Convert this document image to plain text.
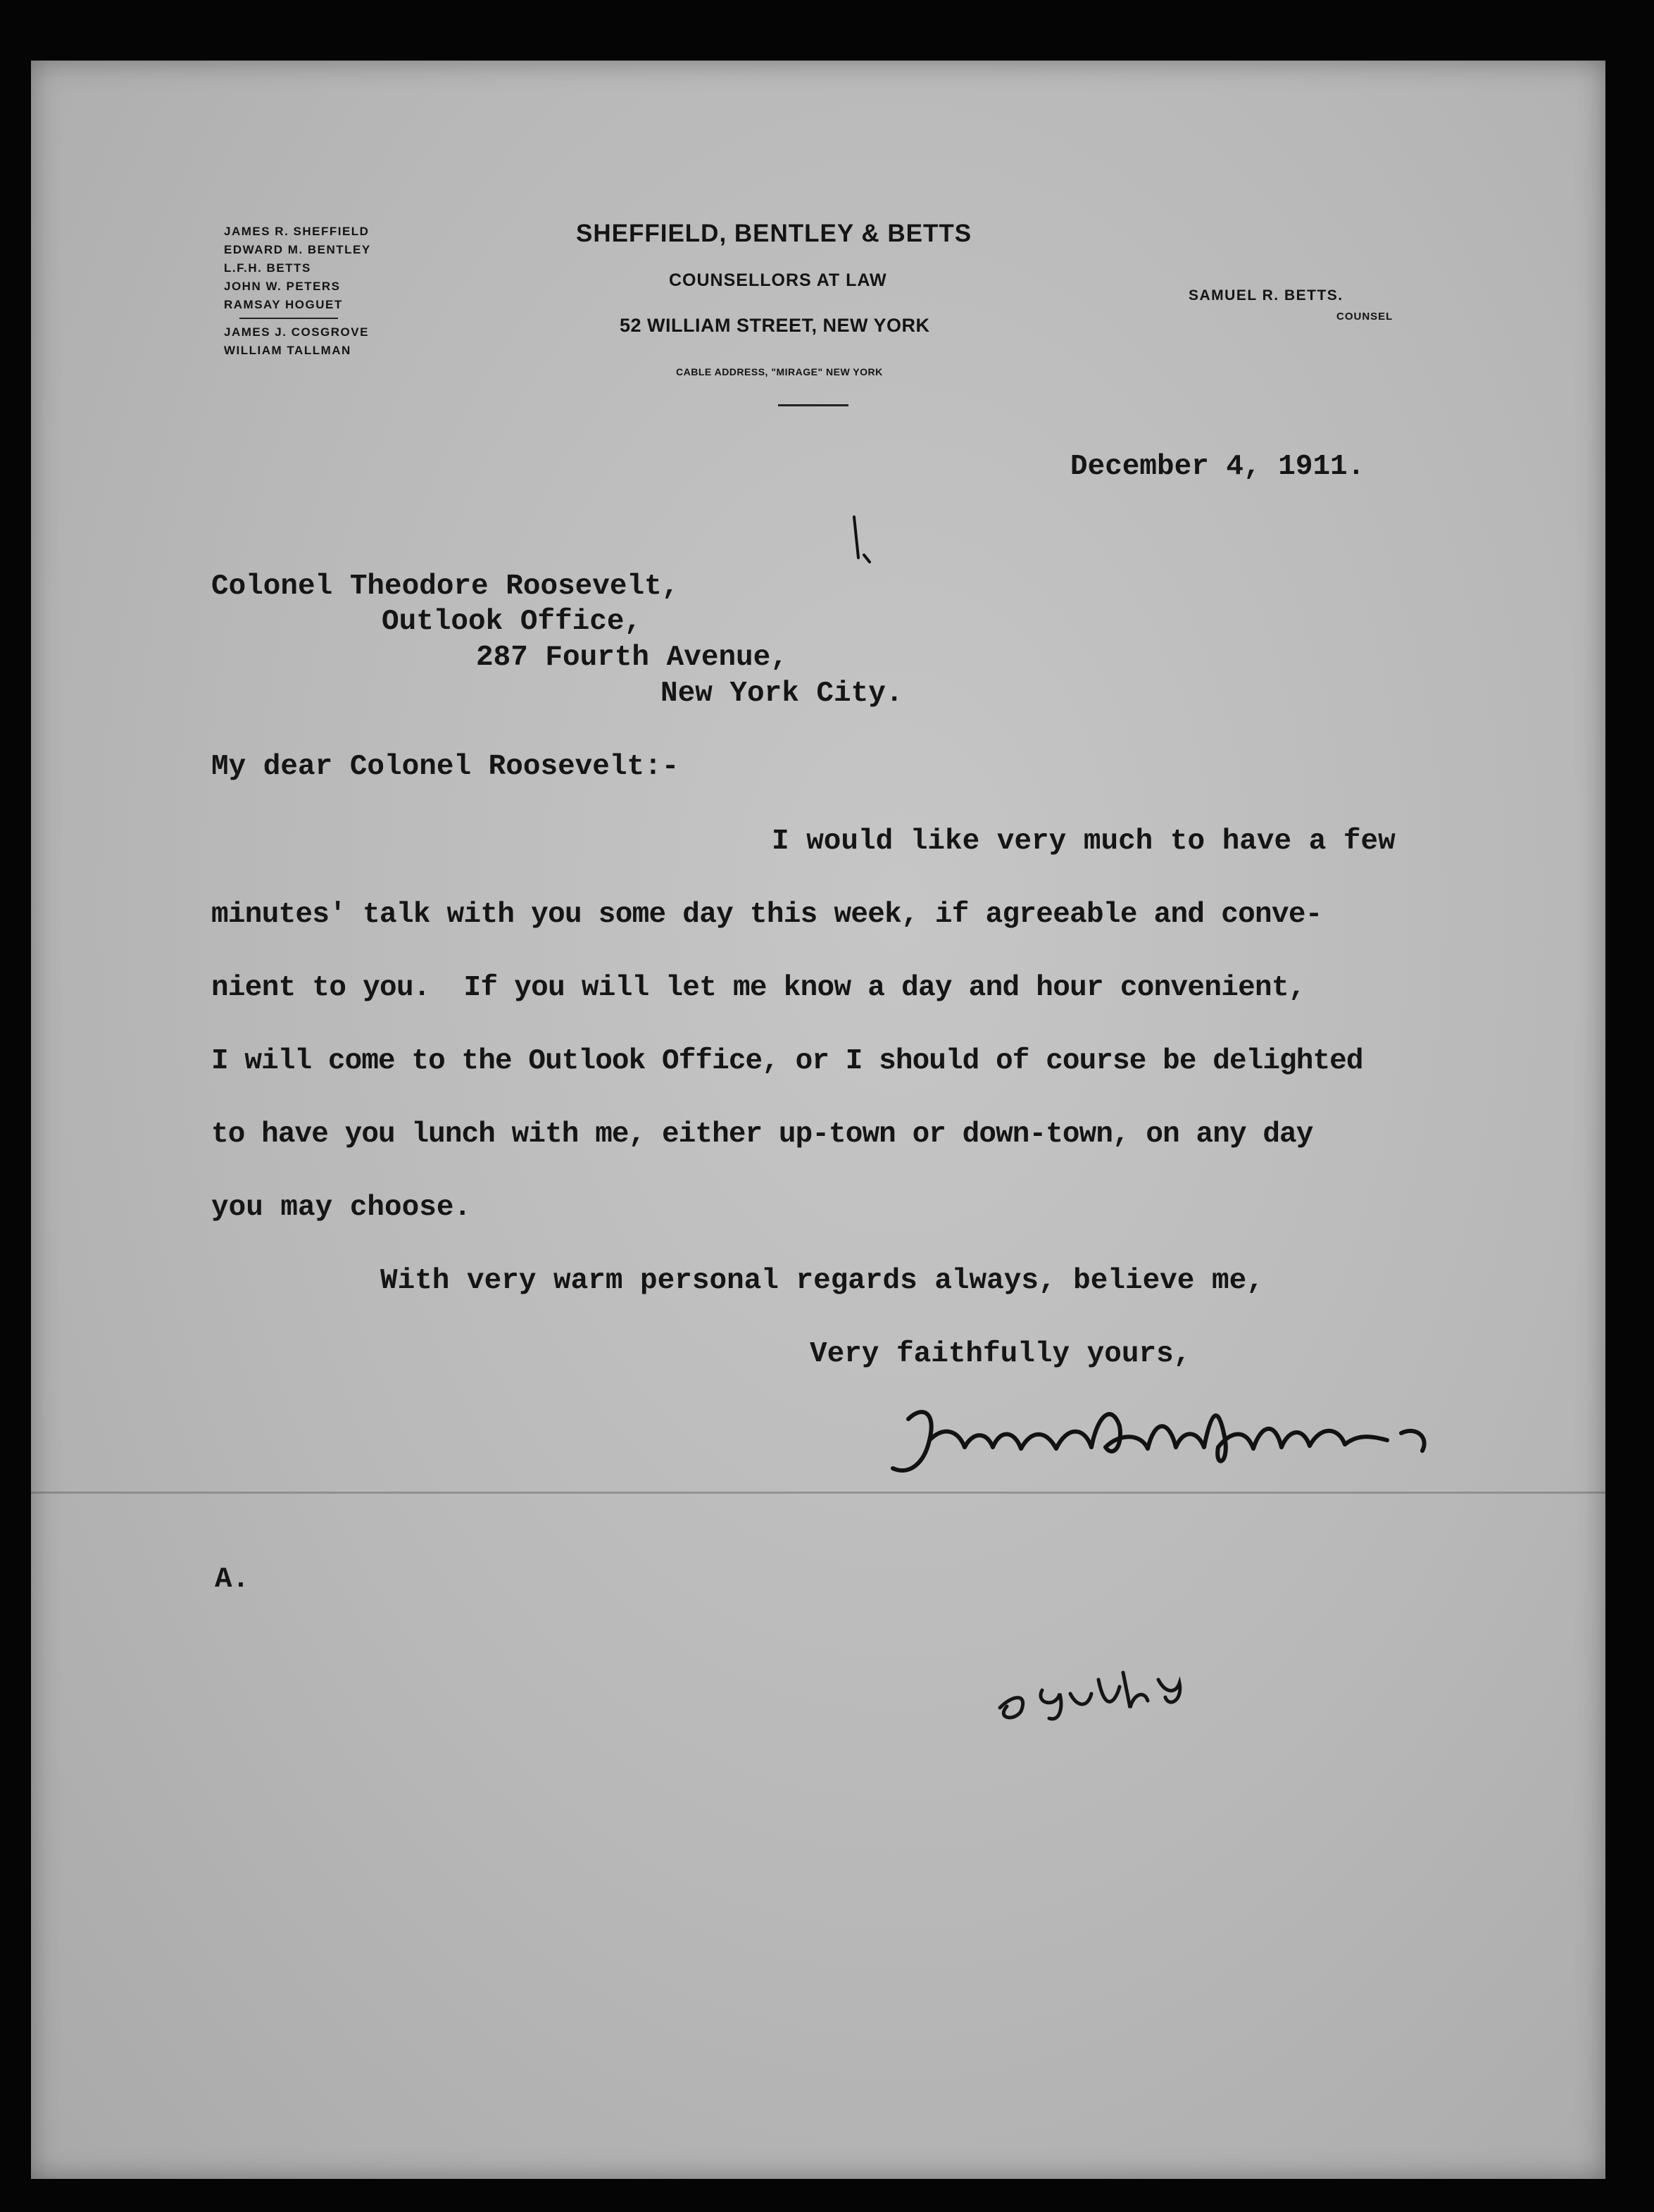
JAMES R. SHEFFIELD
EDWARD M. BENTLEY
L.F.H. BETTS
JOHN W. PETERS
RAMSAY HOGUET
JAMES J. COSGROVE
WILLIAM TALLMAN
SHEFFIELD, BENTLEY & BETTS
COUNSELLORS AT LAW
52 WILLIAM STREET, NEW YORK
CABLE ADDRESS, "MIRAGE" NEW YORK
SAMUEL R. BETTS.
COUNSEL
December 4, 1911.
Colonel Theodore Roosevelt,
Outlook Office,
287 Fourth Avenue,
New York City.
My dear Colonel Roosevelt:-
I would like very much to have a few
minutes' talk with you some day this week, if agreeable and conve-
nient to you.  If you will let me know a day and hour convenient,
I will come to the Outlook Office, or I should of course be delighted
to have you lunch with me, either up-town or down-town, on any day
you may choose.
With very warm personal regards always, believe me,
Very faithfully yours,
A.
